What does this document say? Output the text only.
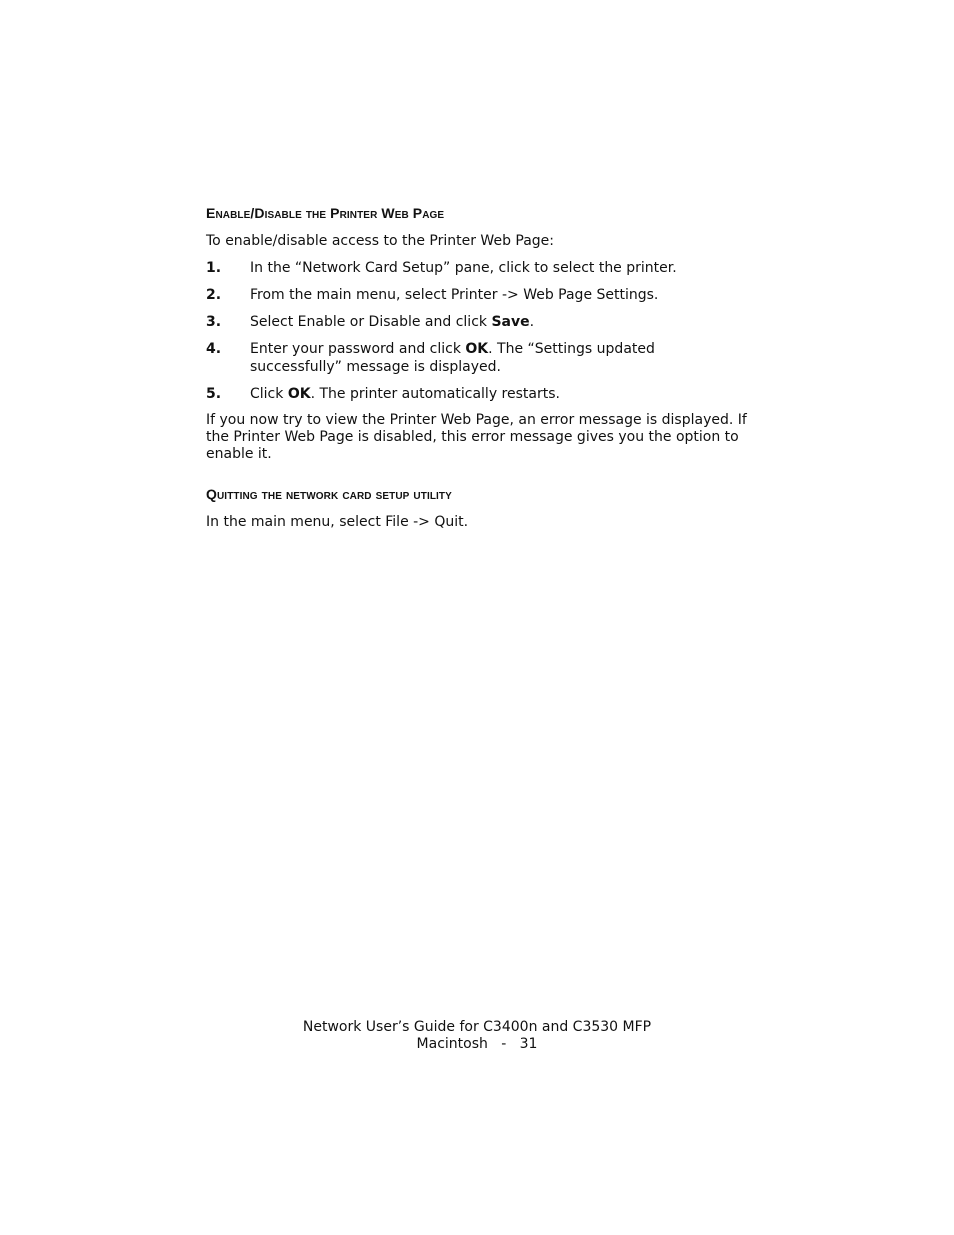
Enable/Disable the Printer Web Page

To enable/disable access to the Printer Web Page:

1.	In the “Network Card Setup” pane, click to select the printer.
2.	From the main menu, select Printer -> Web Page Settings.
3.	Select Enable or Disable and click Save.
4.	Enter your password and click OK. The “Settings updated successfully” message is displayed.
5.	Click OK. The printer automatically restarts.

If you now try to view the Printer Web Page, an error message is displayed. If the Printer Web Page is disabled, this error message gives you the option to enable it.

Quitting the network card setup utility

In the main menu, select File -> Quit.

Network User’s Guide for C3400n and C3530 MFP
Macintosh   -   31
